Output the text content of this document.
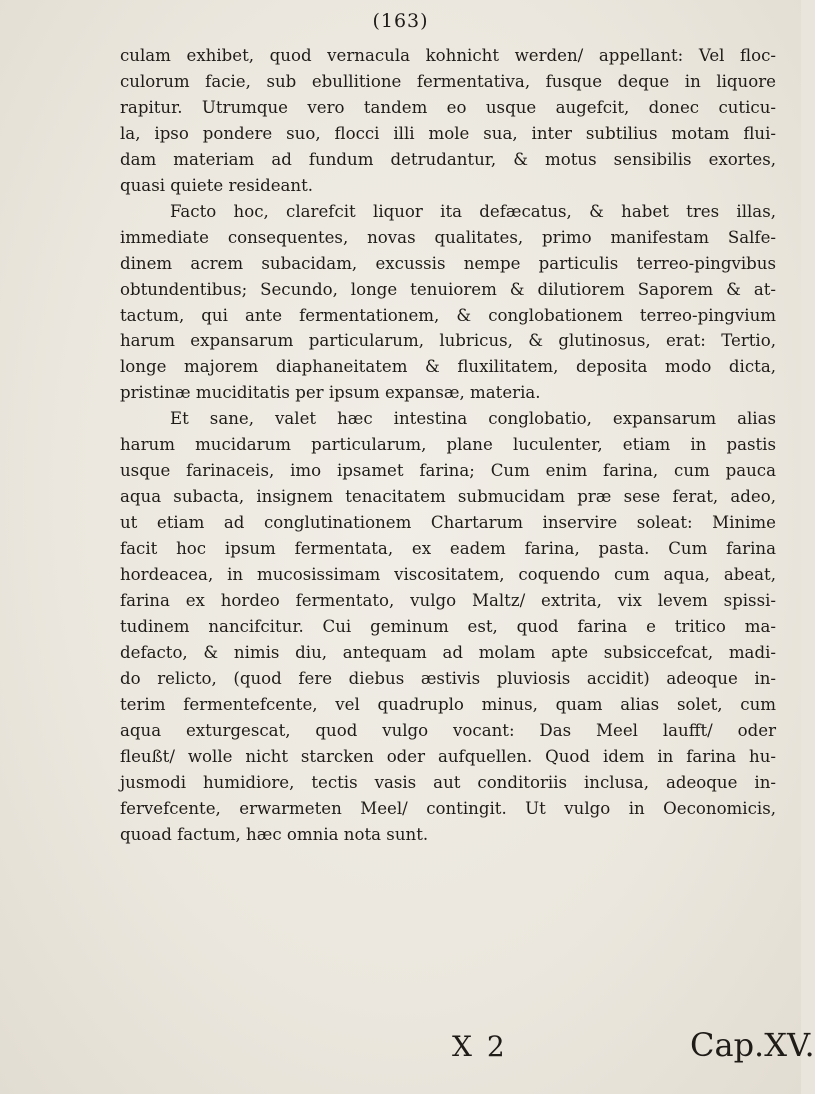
(163)
culam exhibet, quod vernacula kohnicht werden/ appellant: Vel floc-
culorum facie, sub ebullitione fermentativa, fusque deque in liquore
rapitur. Utrumque vero tandem eo usque augefcit, donec cuticu-
la, ipso pondere suo, flocci illi mole sua, inter subtilius motam flui-
dam materiam ad fundum detrudantur, & motus sensibilis exortes,
quasi quiete residеant.
Facto hoc, clarefcit liquor ita defæcatus, & habet tres illas,
immediate consequentes, novas qualitates, primo manifestam Salfe-
dinem acrem subacidam, excussis nempe particulis terreo-pingvibus
obtundentibus; Secundo, longe tenuiorem & dilutiorem Saporem & at-
tactum, qui ante fermentationem, & conglobationem terreo-pingvium
harum expansarum particularum, lubricus, & glutinosus, erat: Tertio,
longe majorem diaphaneitatem & fluxilitatem, deposita modo dicta,
pristinæ muciditatis per ipsum expansæ, materia.
Et sane, valet hæc intestina conglobatio, expansarum alias
harum mucidarum particularum, plane luculenter, etiam in pastis
usque farinaceis, imo ipsamet farina; Cum enim farina, cum pauca
aqua subacta, insignem tenacitatem submucidam præ sese ferat, adeo,
ut etiam ad conglutinationem Chartarum inservire soleat: Minime
facit hoc ipsum fermentata, ex eadem farina, pasta. Cum farina
hordeacea, in mucosissimam viscositatem, coquendo cum aqua, abeat,
farina ex hordeo fermentato, vulgo Maltz/ extrita, vix levem spissi-
tudinem nancifcitur. Cui geminum est, quod farina e tritico ma-
defacto, & nimis diu, antequam ad molam apte subsiccefcat, madi-
do relicto, (quod fere diebus æstivis pluviosis accidit) adeoque in-
terim fermentefcente, vel quadruplo minus, quam alias solet, cum
aqua exturgescat, quod vulgo vocant: Das Meel laufft/ oder
fleußt/ wolle nicht starcken oder aufquellen. Quod idem in farina hu-
jusmodi humidiore, tectis vasis aut conditoriis inclusa, adeoque in-
fervefcente, erwarmeten Meel/ contingit. Ut vulgo in Oeconomicis,
quoad factum, hæc omnia nota sunt.
X 2	Cap.XV.
